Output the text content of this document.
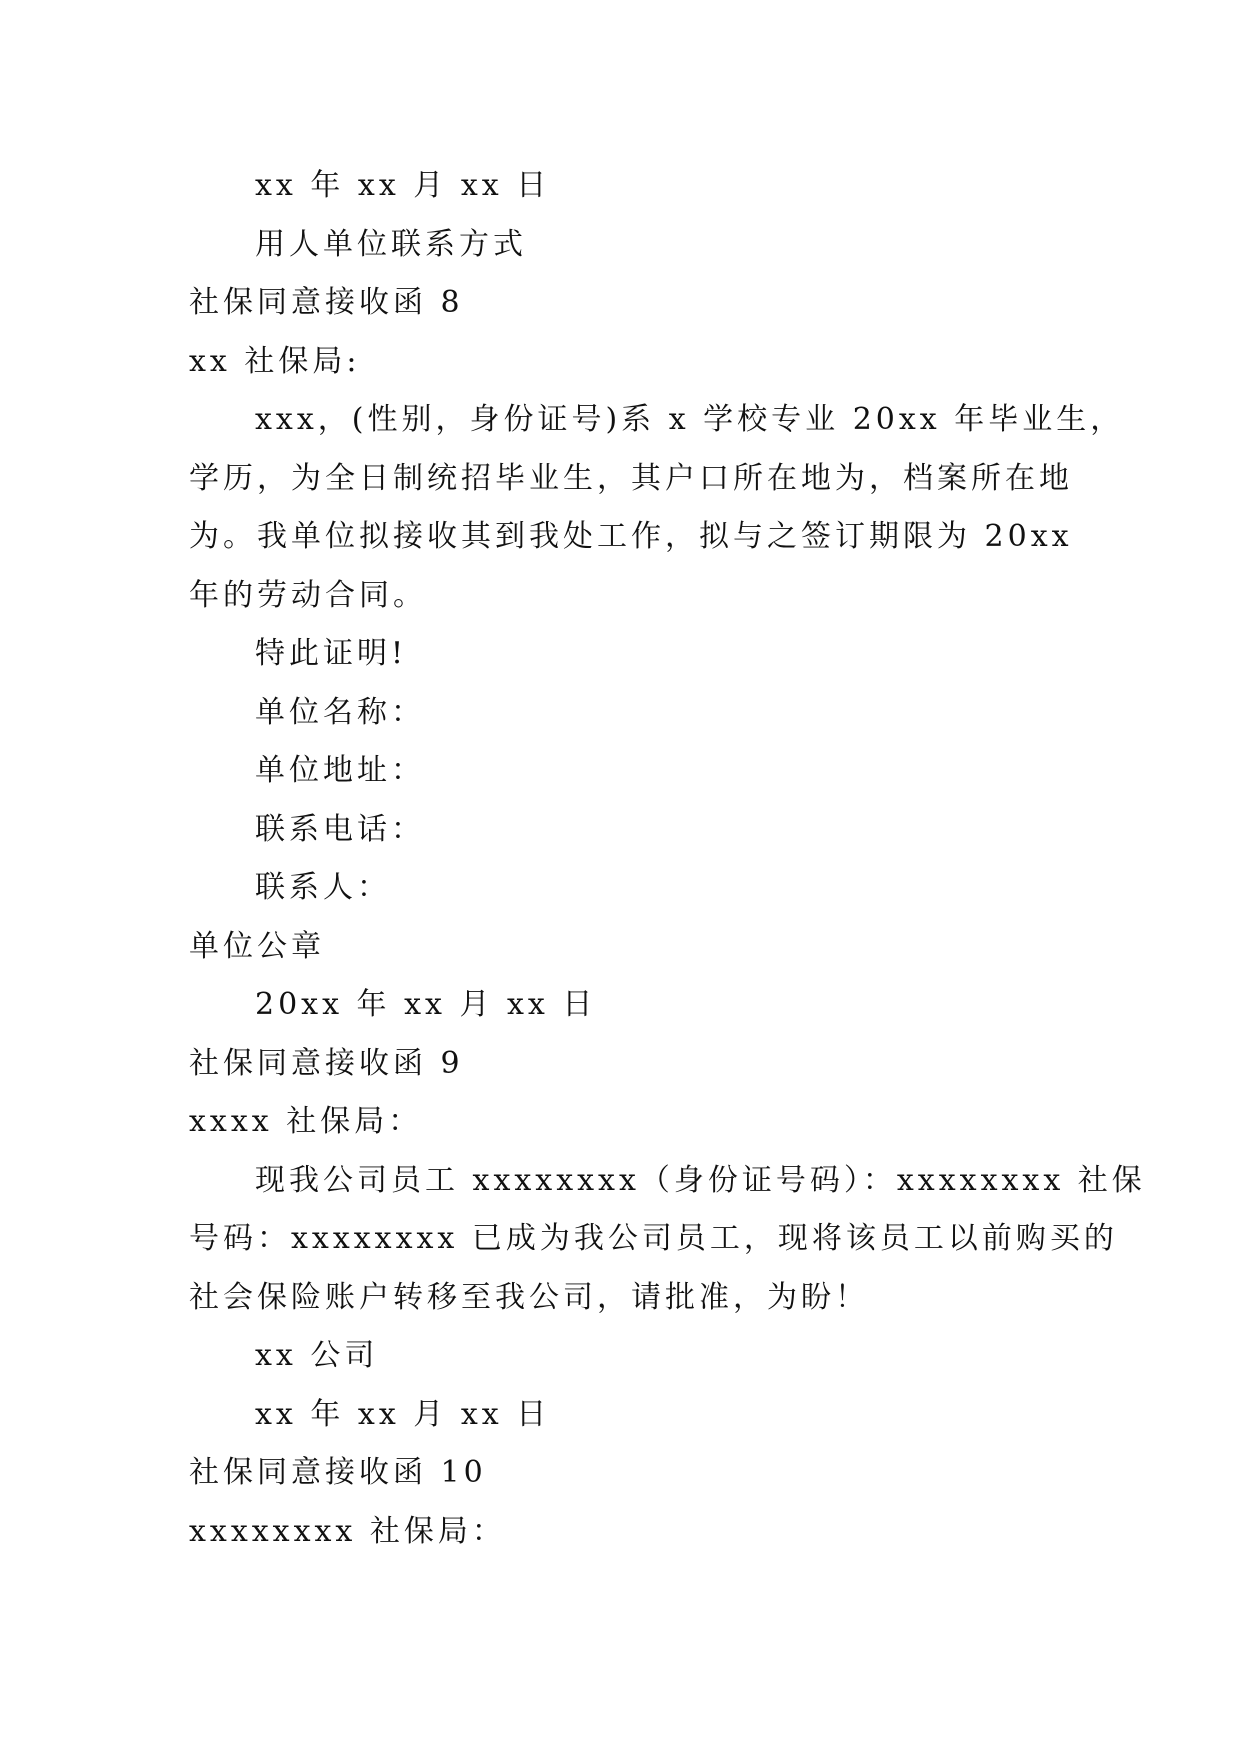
xx 年 xx 月 xx 日
用人单位联系方式
社保同意接收函 8
xx 社保局:
xxx，(性别，身份证号)系 x 学校专业 20xx 年毕业生，
学历，为全日制统招毕业生，其户口所在地为，档案所在地
为。我单位拟接收其到我处工作，拟与之签订期限为 20xx
年的劳动合同。
特此证明!
单位名称：
单位地址：
联系电话：
联系人：
单位公章
20xx 年 xx 月 xx 日
社保同意接收函 9
xxxx 社保局：
现我公司员工 xxxxxxxx（身份证号码）：xxxxxxxx 社保
号码：xxxxxxxx 已成为我公司员工，现将该员工以前购买的
社会保险账户转移至我公司，请批准，为盼！
xx 公司
xx 年 xx 月 xx 日
社保同意接收函 10
xxxxxxxx 社保局：
